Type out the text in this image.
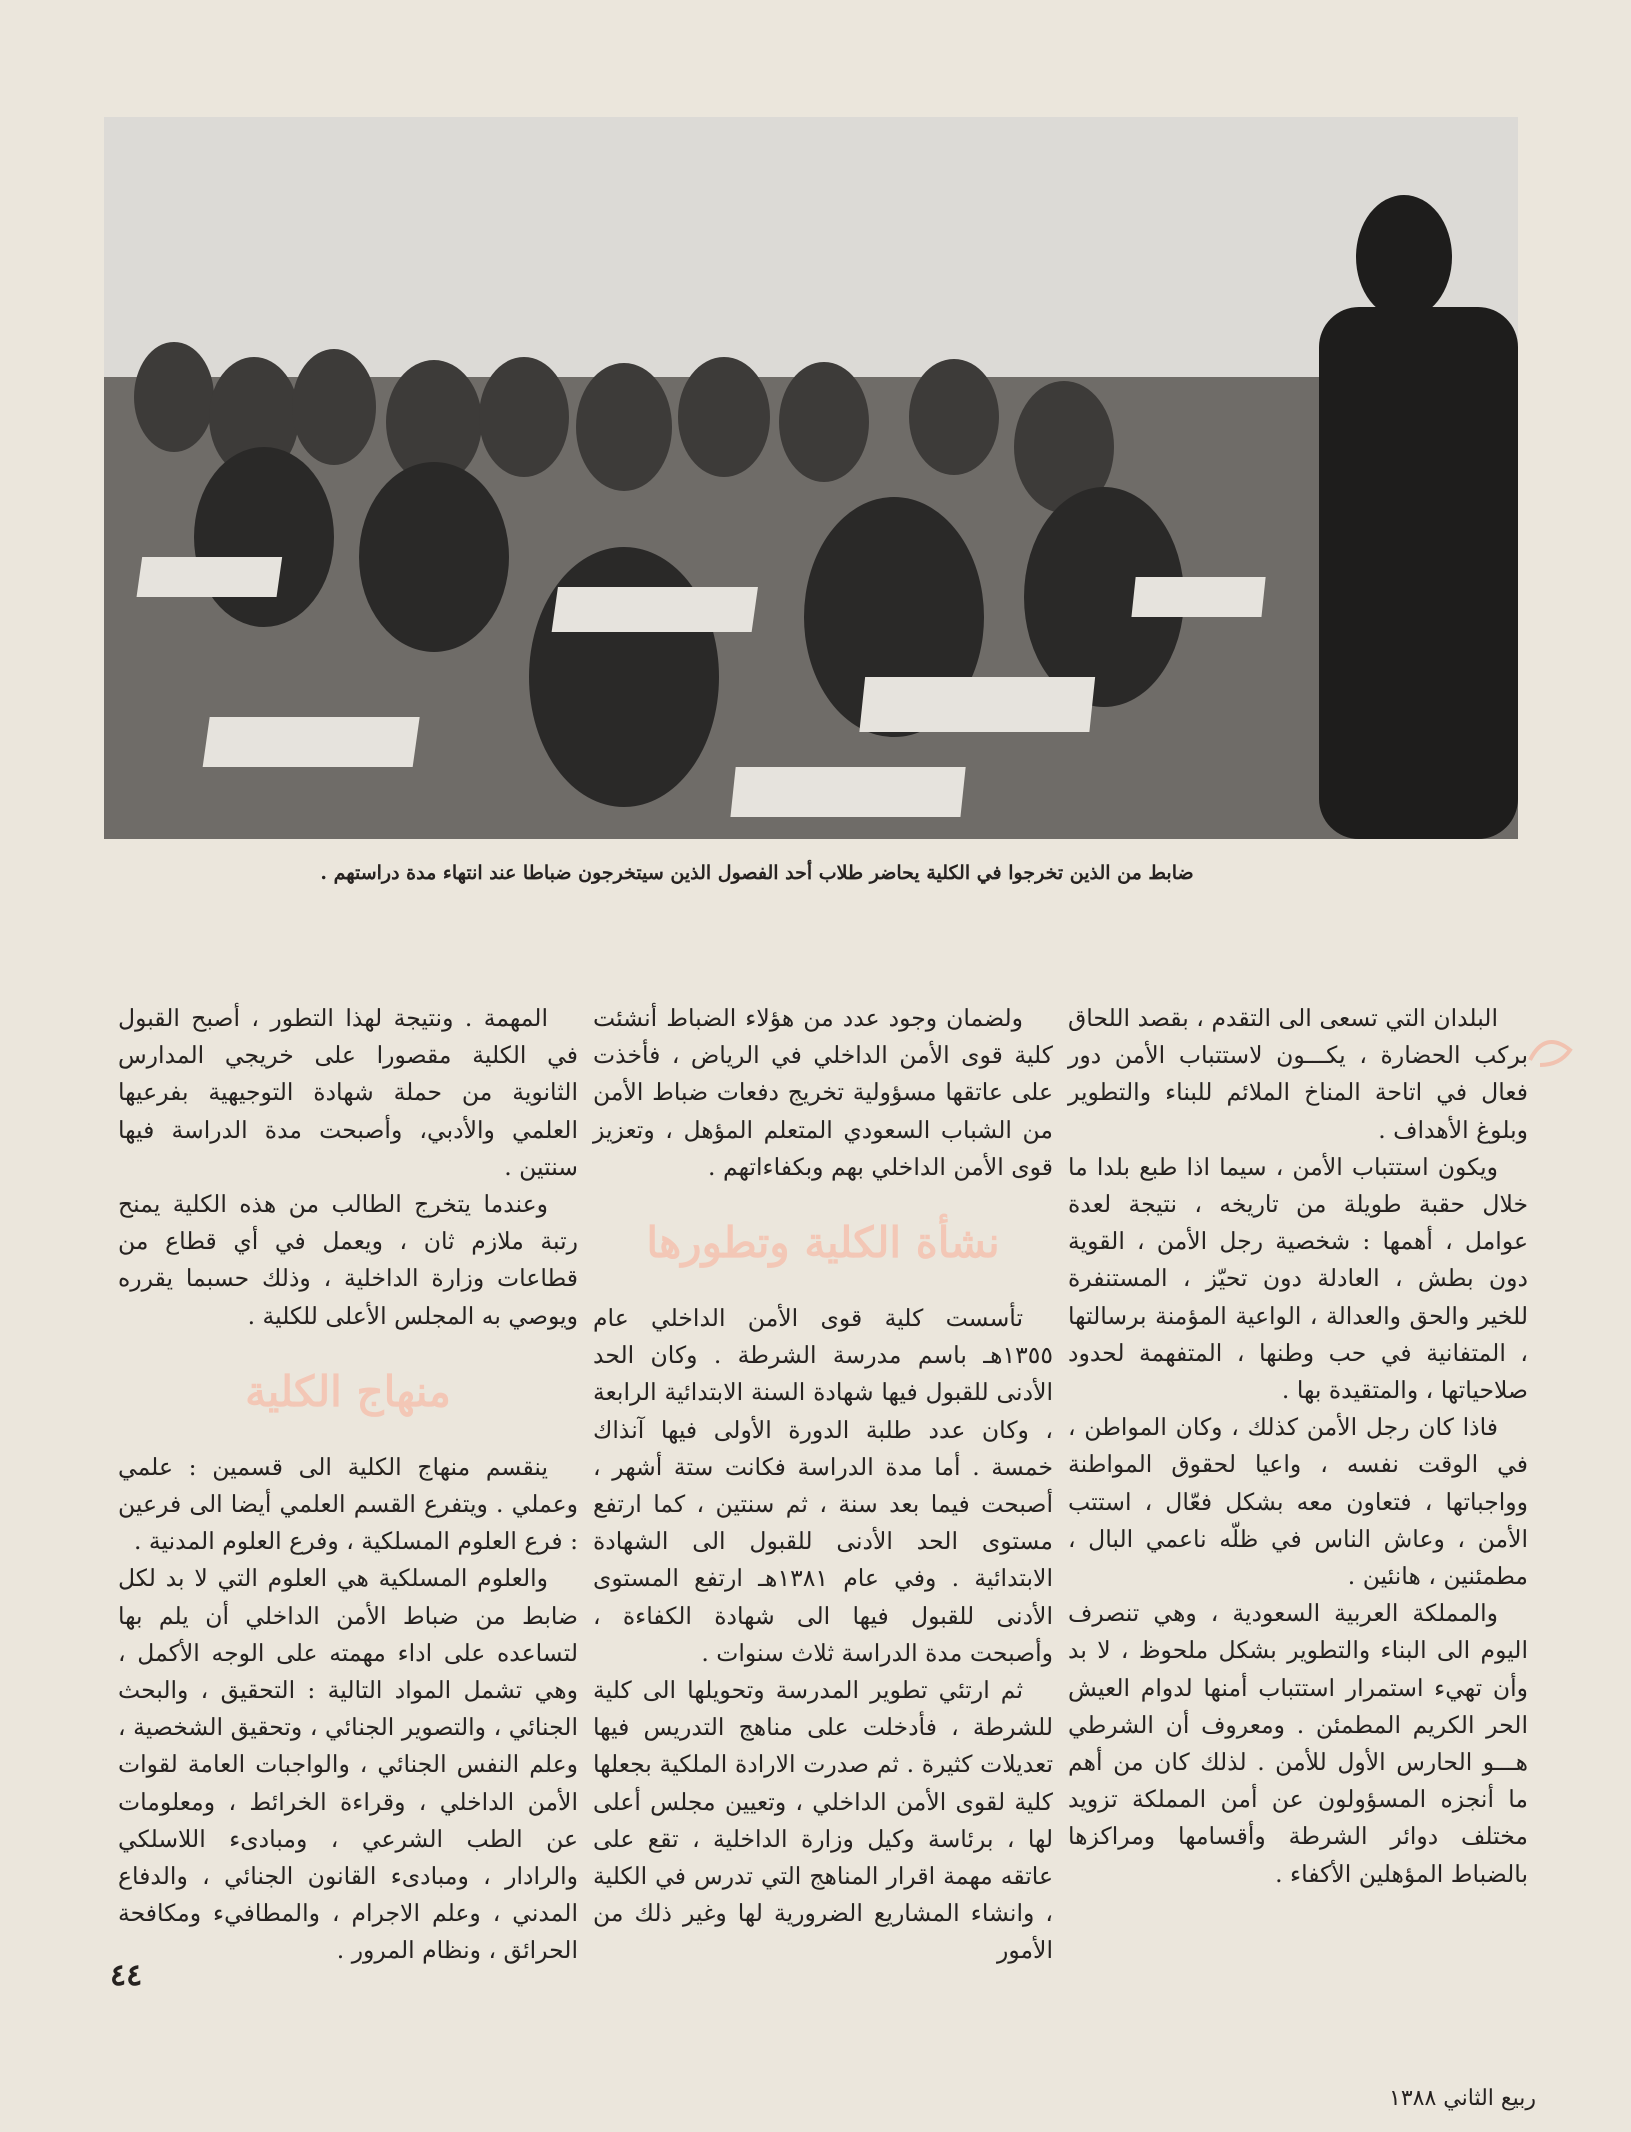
ضابط من الذين تخرجوا في الكلية يحاضر طلاب أحد الفصول الذين سيتخرجون ضباطا عند انتهاء مدة دراستهم .

البلدان التي تسعى الى التقدم ، بقصد اللحاق بركب الحضارة ، يكـــون لاستتباب الأمن دور فعال في اتاحة المناخ الملائم للبناء والتطوير وبلوغ الأهداف .

ويكون استتباب الأمن ، سيما اذا طبع بلدا ما خلال حقبة طويلة من تاريخه ، نتيجة لعدة عوامل ، أهمها : شخصية رجل الأمن ، القوية دون بطش ، العادلة دون تحيّز ، المستنفرة للخير والحق والعدالة ، الواعية المؤمنة برسالتها ، المتفانية في حب وطنها ، المتفهمة لحدود صلاحياتها ، والمتقيدة بها .

فاذا كان رجل الأمن كذلك ، وكان المواطن ، في الوقت نفسه ، واعيا لحقوق المواطنة وواجباتها ، فتعاون معه بشكل فعّال ، استتب الأمن ، وعاش الناس في ظلّه ناعمي البال ، مطمئنين ، هانئين .

والمملكة العربية السعودية ، وهي تنصرف اليوم الى البناء والتطوير بشكل ملحوظ ، لا بد وأن تهيء استمرار استتباب أمنها لدوام العيش الحر الكريم المطمئن . ومعروف أن الشرطي هـــو الحارس الأول للأمن . لذلك كان من أهم ما أنجزه المسؤولون عن أمن المملكة تزويد مختلف دوائر الشرطة وأقسامها ومراكزها بالضباط المؤهلين الأكفاء .

ولضمان وجود عدد من هؤلاء الضباط أنشئت كلية قوى الأمن الداخلي في الرياض ، فأخذت على عاتقها مسؤولية تخريج دفعات ضباط الأمن من الشباب السعودي المتعلم المؤهل ، وتعزيز قوى الأمن الداخلي بهم وبكفاءاتهم .

نشأة الكلية وتطورها

تأسست كلية قوى الأمن الداخلي عام ١٣٥٥هـ باسم مدرسة الشرطة . وكان الحد الأدنى للقبول فيها شهادة السنة الابتدائية الرابعة ، وكان عدد طلبة الدورة الأولى فيها آنذاك خمسة . أما مدة الدراسة فكانت ستة أشهر ، أصبحت فيما بعد سنة ، ثم سنتين ، كما ارتفع مستوى الحد الأدنى للقبول الى الشهادة الابتدائية . وفي عام ١٣٨١هـ ارتفع المستوى الأدنى للقبول فيها الى شهادة الكفاءة ، وأصبحت مدة الدراسة ثلاث سنوات .

ثم ارتئي تطوير المدرسة وتحويلها الى كلية للشرطة ، فأدخلت على مناهج التدريس فيها تعديلات كثيرة . ثم صدرت الارادة الملكية بجعلها كلية لقوى الأمن الداخلي ، وتعيين مجلس أعلى لها ، برئاسة وكيل وزارة الداخلية ، تقع على عاتقه مهمة اقرار المناهج التي تدرس في الكلية ، وانشاء المشاريع الضرورية لها وغير ذلك من الأمور

المهمة . ونتيجة لهذا التطور ، أصبح القبول في الكلية مقصورا على خريجي المدارس الثانوية من حملة شهادة التوجيهية بفرعيها العلمي والأدبي، وأصبحت مدة الدراسة فيها سنتين .

وعندما يتخرج الطالب من هذه الكلية يمنح رتبة ملازم ثان ، ويعمل في أي قطاع من قطاعات وزارة الداخلية ، وذلك حسبما يقرره ويوصي به المجلس الأعلى للكلية .

منهاج الكلية

ينقسم منهاج الكلية الى قسمين : علمي وعملي . ويتفرع القسم العلمي أيضا الى فرعين : فرع العلوم المسلكية ، وفرع العلوم المدنية .

والعلوم المسلكية هي العلوم التي لا بد لكل ضابط من ضباط الأمن الداخلي أن يلم بها لتساعده على اداء مهمته على الوجه الأكمل ، وهي تشمل المواد التالية : التحقيق ، والبحث الجنائي ، والتصوير الجنائي ، وتحقيق الشخصية ، وعلم النفس الجنائي ، والواجبات العامة لقوات الأمن الداخلي ، وقراءة الخرائط ، ومعلومات عن الطب الشرعي ، ومبادىء اللاسلكي والرادار ، ومبادىء القانون الجنائي ، والدفاع المدني ، وعلم الاجرام ، والمطافيء ومكافحة الحرائق ، ونظام المرور .

٤٤
ربيع الثاني ١٣٨٨
